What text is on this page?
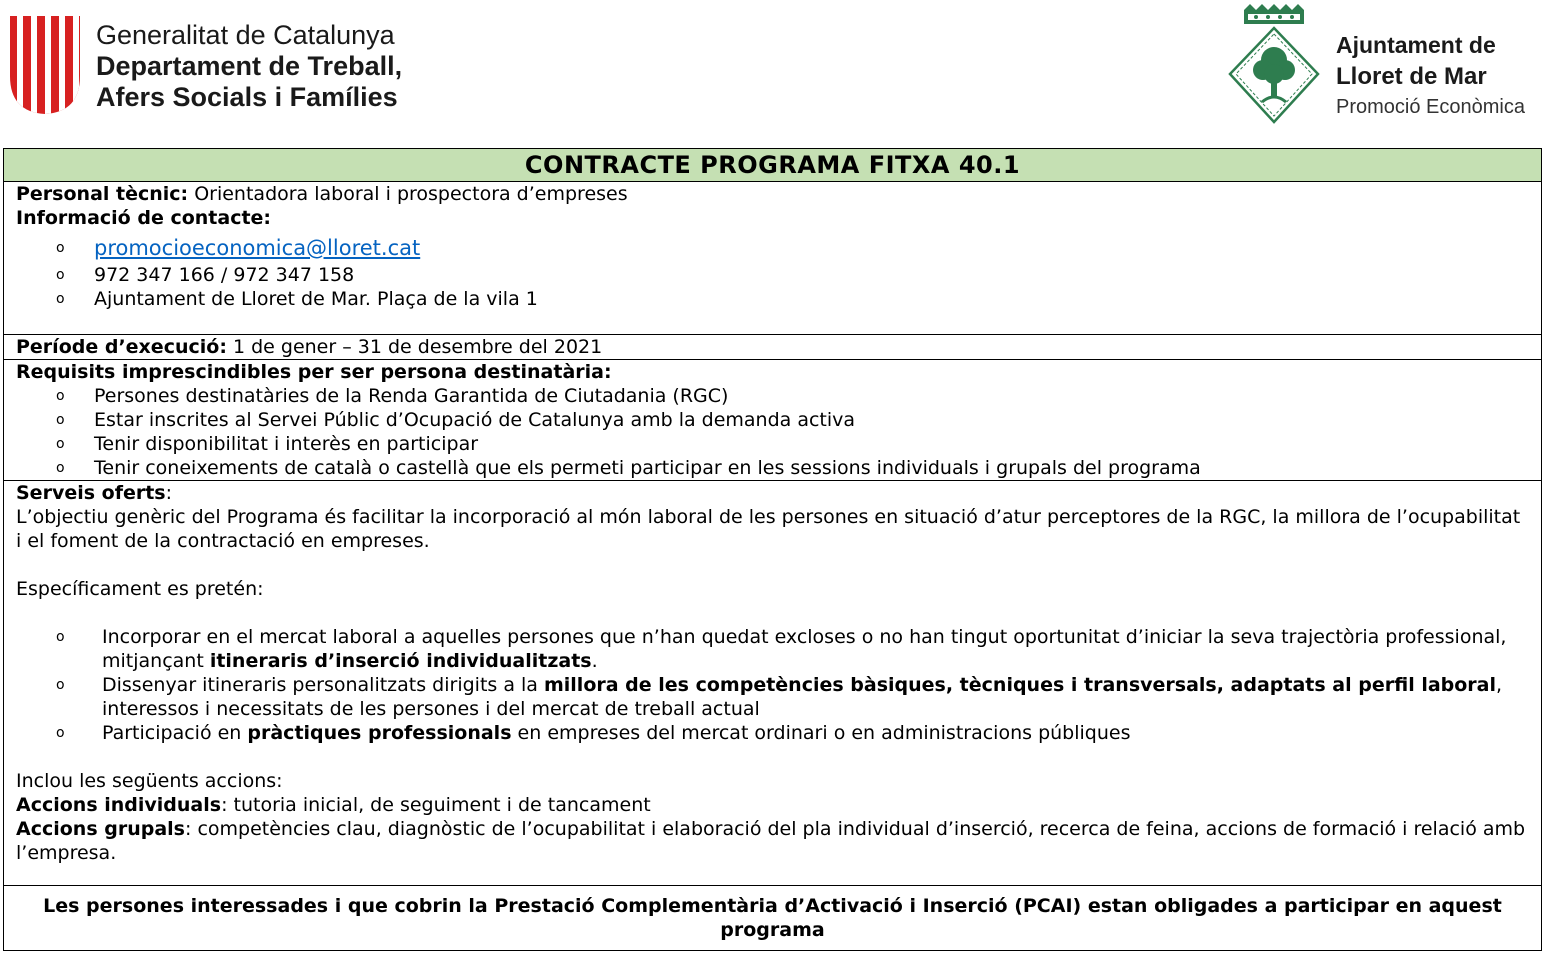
Generalitat de Catalunya
Departament de Treball,
Afers Socials i Famílies
Ajuntament de
Lloret de Mar
Promoció Econòmica
CONTRACTE PROGRAMA FITXA 40.1

Personal tècnic: Orientadora laboral i prospectora d’empreses
Informació de contacte:
o promocioeconomica@lloret.cat
o 972 347 166 / 972 347 158
o Ajuntament de Lloret de Mar. Plaça de la vila 1

Període d’execució: 1 de gener – 31 de desembre del 2021

Requisits imprescindibles per ser persona destinatària:
o Persones destinatàries de la Renda Garantida de Ciutadania (RGC)
o Estar inscrites al Servei Públic d’Ocupació de Catalunya amb la demanda activa
o Tenir disponibilitat i interès en participar
o Tenir coneixements de català o castellà que els permeti participar en les sessions individuals i grupals del programa

Serveis oferts:
L’objectiu genèric del Programa és facilitar la incorporació al món laboral de les persones en situació d’atur perceptores de la RGC, la millora de l’ocupabilitat i el foment de la contractació en empreses.
Específicament es pretén:
o Incorporar en el mercat laboral a aquelles persones que n’han quedat excloses o no han tingut oportunitat d’iniciar la seva trajectòria professional, mitjançant itineraris d’inserció individualitzats.
o Dissenyar itineraris personalitzats dirigits a la millora de les competències bàsiques, tècniques i transversals, adaptats al perfil laboral, interessos i necessitats de les persones i del mercat de treball actual
o Participació en pràctiques professionals en empreses del mercat ordinari o en administracions públiques
Inclou les següents accions:
Accions individuals: tutoria inicial, de seguiment i de tancament
Accions grupals: competències clau, diagnòstic de l’ocupabilitat i elaboració del pla individual d’inserció, recerca de feina, accions de formació i relació amb l’empresa.

Les persones interessades i que cobrin la Prestació Complementària d’Activació i Inserció (PCAI) estan obligades a participar en aquest programa
